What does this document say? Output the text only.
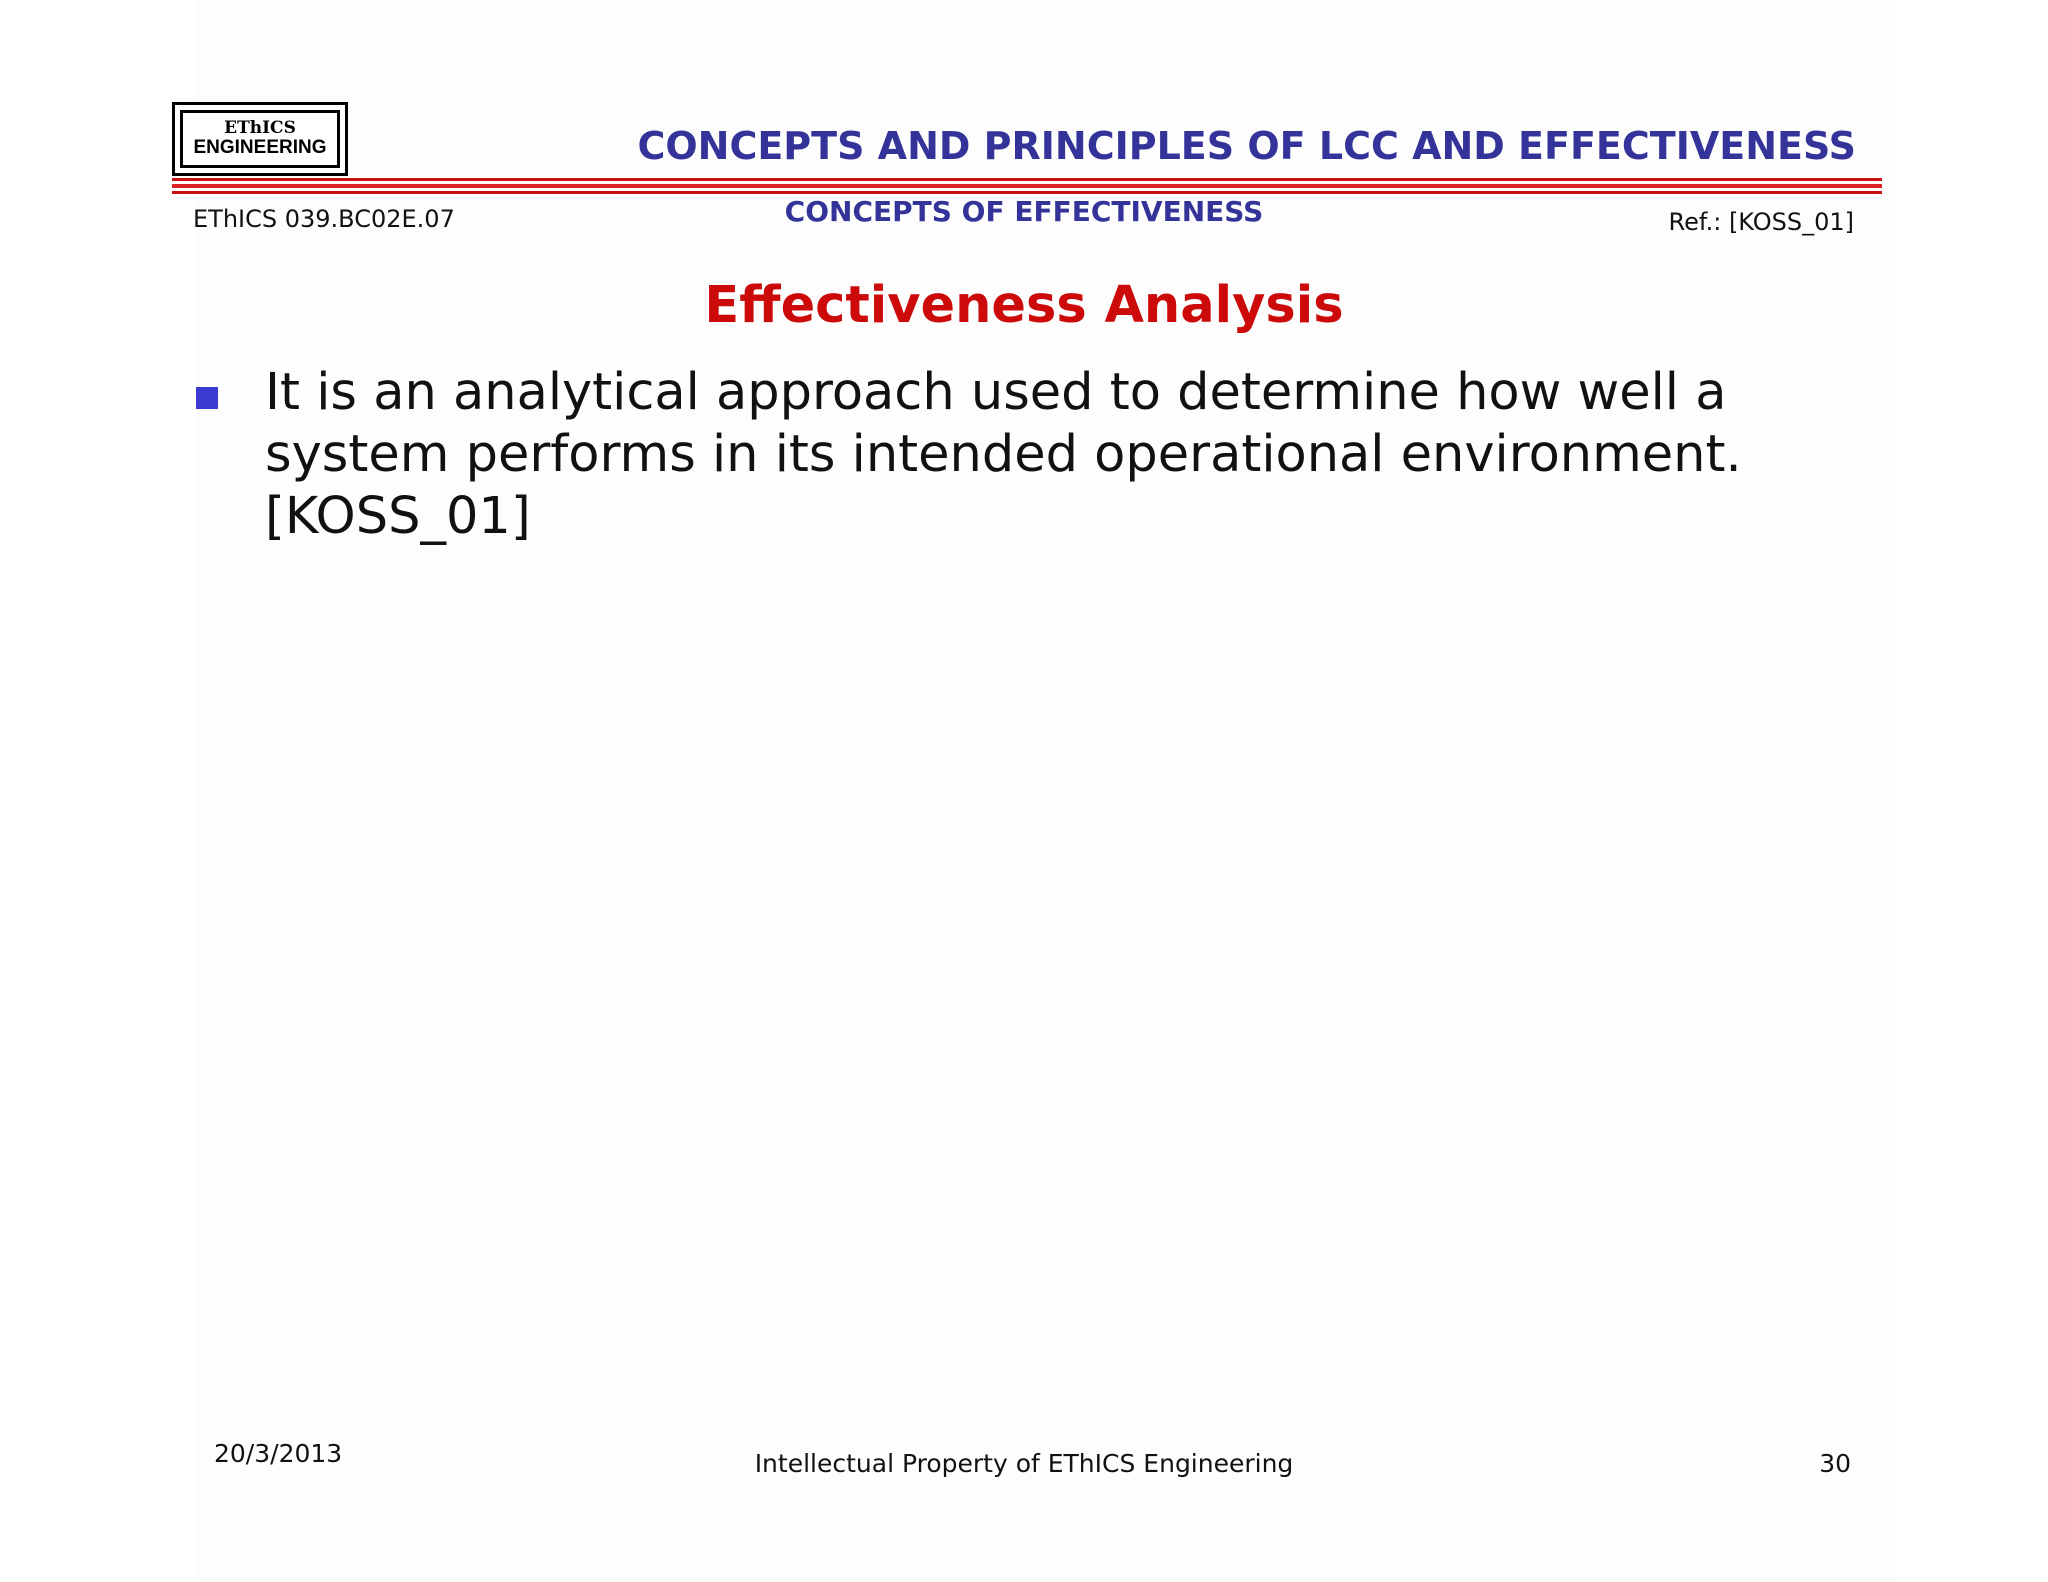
EThICS
ENGINEERING	CONCEPTS AND PRINCIPLES OF LCC AND EFFECTIVENESS
EThICS 039.BC02E.07	CONCEPTS OF EFFECTIVENESS	Ref.: [KOSS_01]
Effectiveness Analysis
It is an analytical approach used to determine how well a system performs in its intended operational environment. [KOSS_01]
20/3/2013	Intellectual Property of EThICS Engineering	30
